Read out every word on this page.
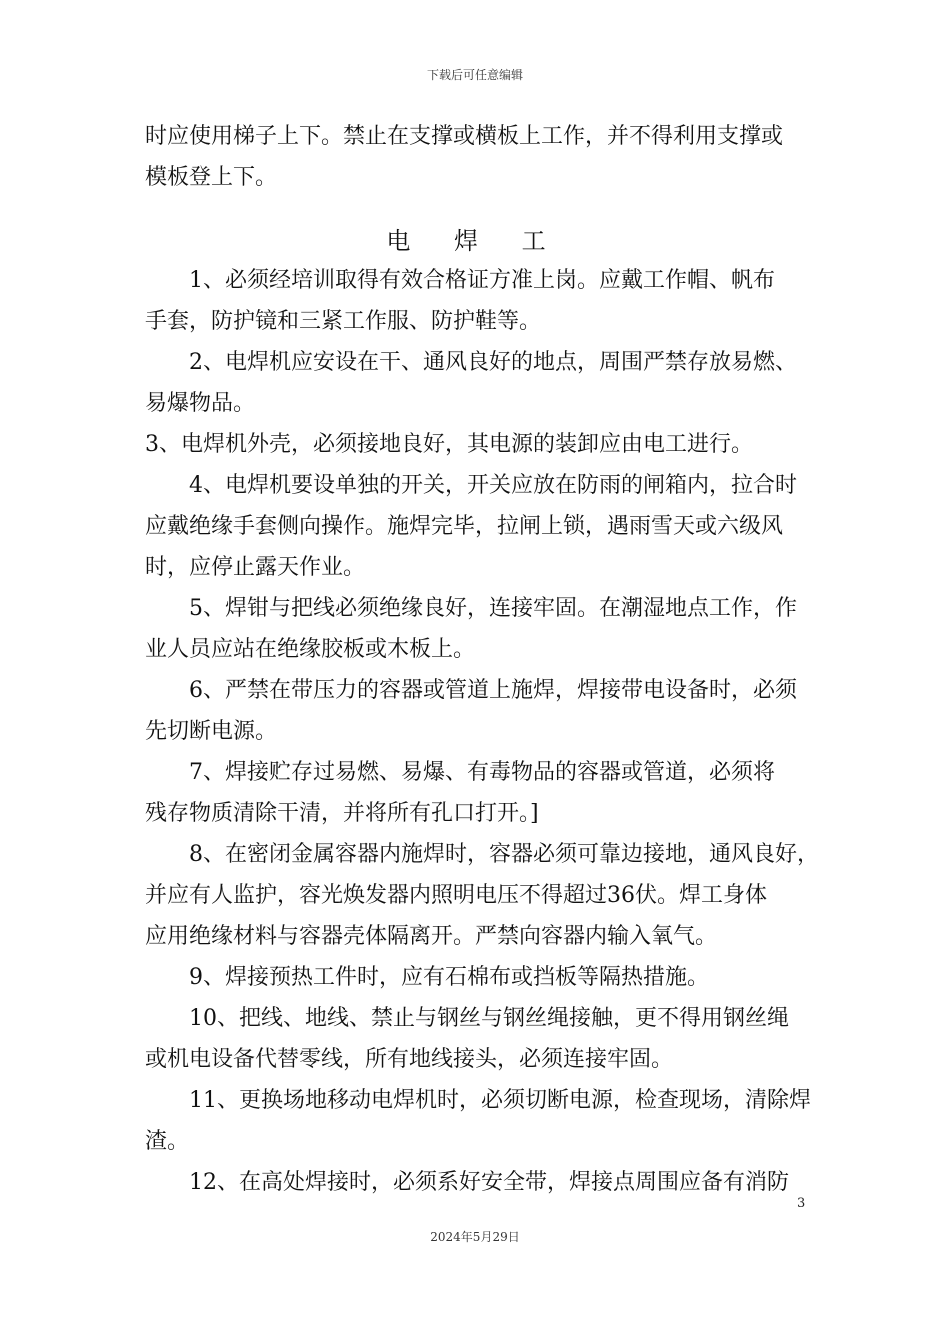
下载后可任意编辑
时应使用梯子上下。禁止在支撑或横板上工作，并不得利用支撑或
模板登上下。
电 焊 工
1、必须经培训取得有效合格证方准上岗。应戴工作帽、帆布
手套，防护镜和三紧工作服、防护鞋等。
2、电焊机应安设在干、通风良好的地点，周围严禁存放易燃、
易爆物品。
3、电焊机外壳，必须接地良好，其电源的装卸应由电工进行。
4、电焊机要设单独的开关，开关应放在防雨的闸箱内，拉合时
应戴绝缘手套侧向操作。施焊完毕，拉闸上锁，遇雨雪天或六级风
时，应停止露天作业。
5、焊钳与把线必须绝缘良好，连接牢固。在潮湿地点工作，作
业人员应站在绝缘胶板或木板上。
6、严禁在带压力的容器或管道上施焊，焊接带电设备时，必须
先切断电源。
7、焊接贮存过易燃、易爆、有毒物品的容器或管道，必须将
残存物质清除干清，并将所有孔口打开。]
8、在密闭金属容器内施焊时，容器必须可靠边接地，通风良好，
并应有人监护，容光焕发器内照明电压不得超过36伏。焊工身体
应用绝缘材料与容器壳体隔离开。严禁向容器内输入氧气。
9、焊接预热工件时，应有石棉布或挡板等隔热措施。
10、把线、地线、禁止与钢丝与钢丝绳接触，更不得用钢丝绳
或机电设备代替零线，所有地线接头，必须连接牢固。
11、更换场地移动电焊机时，必须切断电源，检查现场，清除焊
渣。
12、在高处焊接时，必须系好安全带，焊接点周围应备有消防
3
2024年5月29日
